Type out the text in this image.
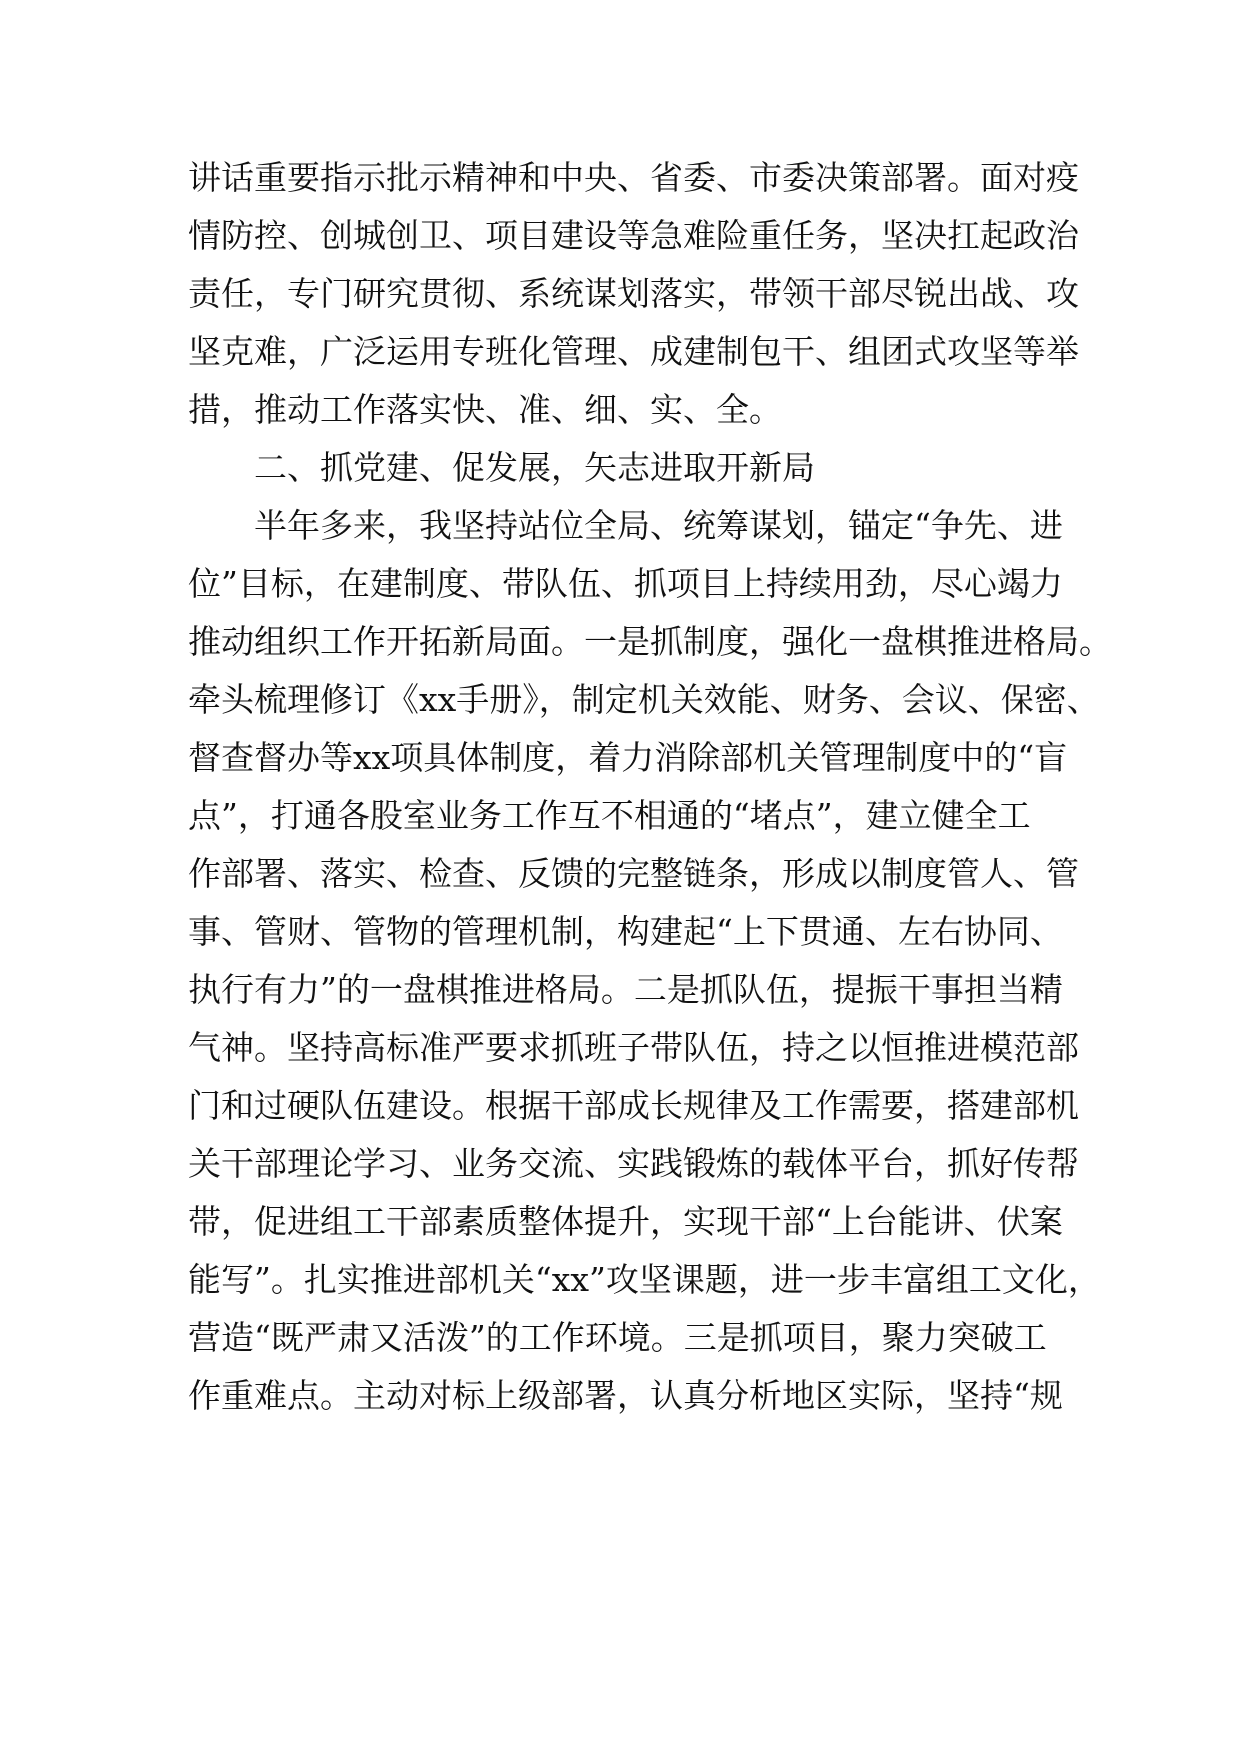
讲话重要指示批示精神和中央、省委、市委决策部署。面对疫
情防控、创城创卫、项目建设等急难险重任务，坚决扛起政治
责任，专门研究贯彻、系统谋划落实，带领干部尽锐出战、攻
坚克难，广泛运用专班化管理、成建制包干、组团式攻坚等举
措，推动工作落实快、准、细、实、全。
二、抓党建、促发展，矢志进取开新局
半年多来，我坚持站位全局、统筹谋划，锚定“争先、进
位”目标，在建制度、带队伍、抓项目上持续用劲，尽心竭力
推动组织工作开拓新局面。一是抓制度，强化一盘棋推进格局。
牵头梳理修订《xx手册》，制定机关效能、财务、会议、保密、
督查督办等xx项具体制度，着力消除部机关管理制度中的“盲
点”，打通各股室业务工作互不相通的“堵点”，建立健全工
作部署、落实、检查、反馈的完整链条，形成以制度管人、管
事、管财、管物的管理机制，构建起“上下贯通、左右协同、
执行有力”的一盘棋推进格局。二是抓队伍，提振干事担当精
气神。坚持高标准严要求抓班子带队伍，持之以恒推进模范部
门和过硬队伍建设。根据干部成长规律及工作需要，搭建部机
关干部理论学习、业务交流、实践锻炼的载体平台，抓好传帮
带，促进组工干部素质整体提升，实现干部“上台能讲、伏案
能写”。扎实推进部机关“xx”攻坚课题，进一步丰富组工文化，
营造“既严肃又活泼”的工作环境。三是抓项目，聚力突破工
作重难点。主动对标上级部署，认真分析地区实际，坚持“规
